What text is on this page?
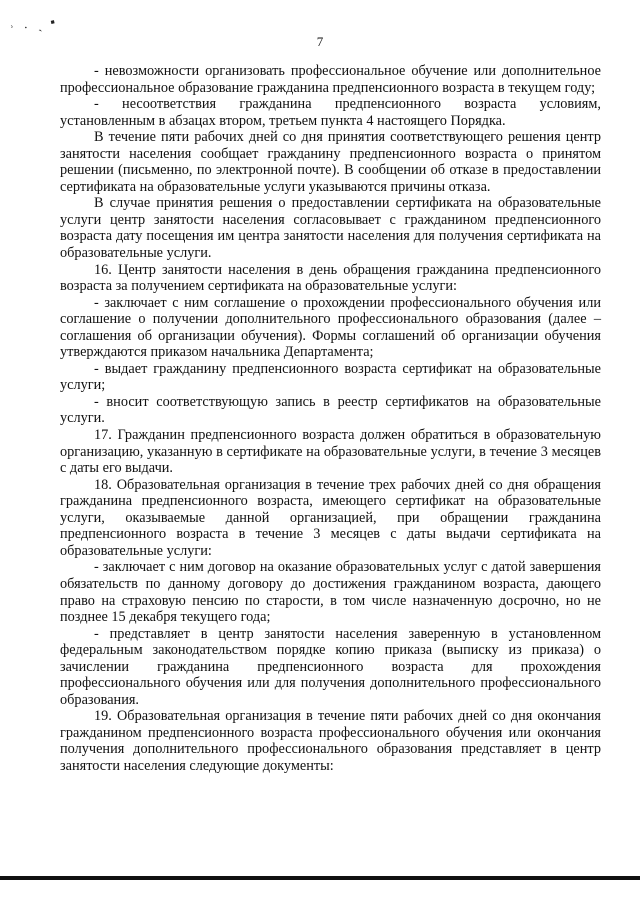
ʾ · ˏ ▪
7

- невозможности организовать профессиональное обучение или дополнительное профессиональное образование гражданина предпенсионного возраста в текущем году;

- несоответствия гражданина предпенсионного возраста условиям, установленным в абзацах втором, третьем пункта 4 настоящего Порядка.

В течение пяти рабочих дней со дня принятия соответствующего решения центр занятости населения сообщает гражданину предпенсионного возраста о принятом решении (письменно, по электронной почте). В сообщении об отказе в предоставлении сертификата на образовательные услуги указываются причины отказа.

В случае принятия решения о предоставлении сертификата на образовательные услуги центр занятости населения согласовывает с гражданином предпенсионного возраста дату посещения им центра занятости населения для получения сертификата на образовательные услуги.

16. Центр занятости населения в день обращения гражданина предпенсионного возраста за получением сертификата на образовательные услуги:

- заключает с ним соглашение о прохождении профессионального обучения или соглашение о получении дополнительного профессионального образования (далее – соглашения об организации обучения). Формы соглашений об организации обучения утверждаются приказом начальника Департамента;

- выдает гражданину предпенсионного возраста сертификат на образовательные услуги;

- вносит соответствующую запись в реестр сертификатов на образовательные услуги.

17. Гражданин предпенсионного возраста должен обратиться в образовательную организацию, указанную в сертификате на образовательные услуги, в течение 3 месяцев с даты его выдачи.

18. Образовательная организация в течение трех рабочих дней со дня обращения гражданина предпенсионного возраста, имеющего сертификат на образовательные услуги, оказываемые данной организацией, при обращении гражданина предпенсионного возраста в течение 3 месяцев с даты выдачи сертификата на образовательные услуги:

- заключает с ним договор на оказание образовательных услуг с датой завершения обязательств по данному договору до достижения гражданином возраста, дающего право на страховую пенсию по старости, в том числе назначенную досрочно, но не позднее 15 декабря текущего года;

- представляет в центр занятости населения заверенную в установленном федеральным законодательством порядке копию приказа (выписку из приказа) о зачислении гражданина предпенсионного возраста для прохождения профессионального обучения или для получения дополнительного профессионального образования.

19. Образовательная организация в течение пяти рабочих дней со дня окончания гражданином предпенсионного возраста профессионального обучения или окончания получения дополнительного профессионального образования представляет в центр занятости населения следующие документы:
